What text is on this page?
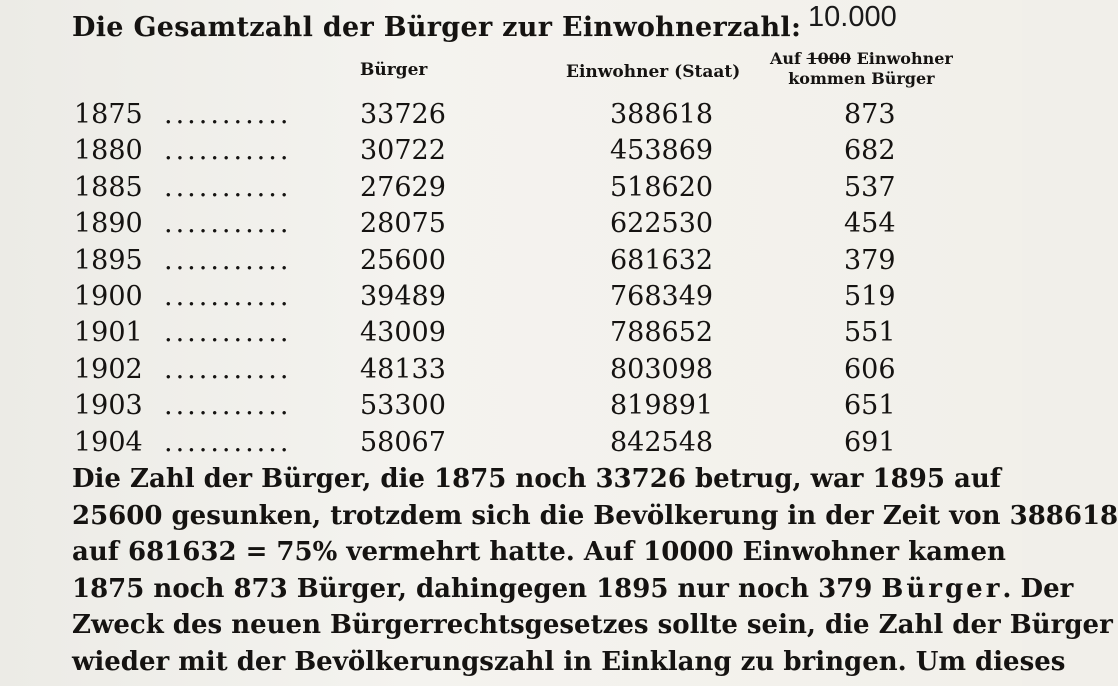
Die Gesamtzahl der Bürger zur Einwohnerzahl: 10.000
Bürger	Einwohner (Staat)
Auf 1000 Einwohner
kommen Bürger
1875 ...........	33726	388618	873
1880 ...........	30722	453869	682
1885 ...........	27629	518620	537
1890 ...........	28075	622530	454
1895 ...........	25600	681632	379
1900 ...........	39489	768349	519
1901 ...........	43009	788652	551
1902 ...........	48133	803098	606
1903 ...........	53300	819891	651
1904 ...........	58067	842548	691
Die Zahl der Bürger, die 1875 noch 33726 betrug, war 1895 auf
25600 gesunken, trotzdem sich die Bevölkerung in der Zeit von 388618
auf 681632 = 75% vermehrt hatte. Auf 10000 Einwohner kamen
1875 noch 873 Bürger, dahingegen 1895 nur noch 379 Bürger. Der
Zweck des neuen Bürgerrechtsgesetzes sollte sein, die Zahl der Bürger
wieder mit der Bevölkerungszahl in Einklang zu bringen. Um dieses
